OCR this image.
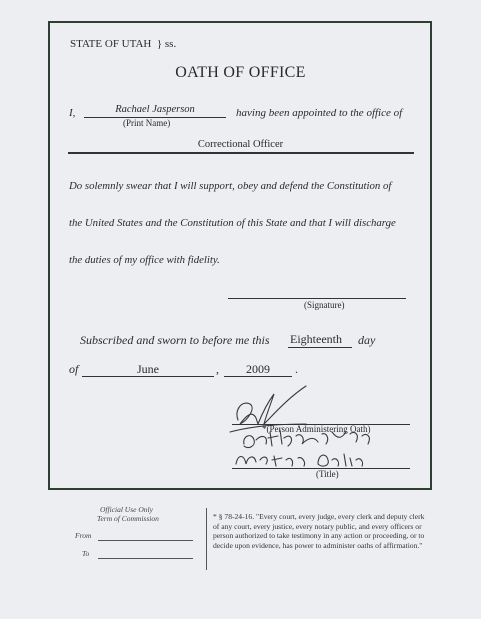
STATE OF UTAH } ss.
OATH OF OFFICE
I,	Rachael Jasperson
(Print Name)
having been appointed to the office of
Correctional Officer
Do solemnly swear that I will support, obey and defend the Constitution of
the United States and the Constitution of this State and that I will discharge
the duties of my office with fidelity.
(Signature)
Subscribed and sworn to before me this Eighteenth day
of	June	,	2009	.
*(Person Administering Oath)
(Title)
Official Use Only
Term of Commission
From
To
* § 78-24-16. "Every court, every judge, every clerk and deputy clerk of any court, every justice, every notary public, and every officers or person authorized to take testimony in any action or proceeding, or to decide upon evidence, has power to administer oaths of affirmation."
